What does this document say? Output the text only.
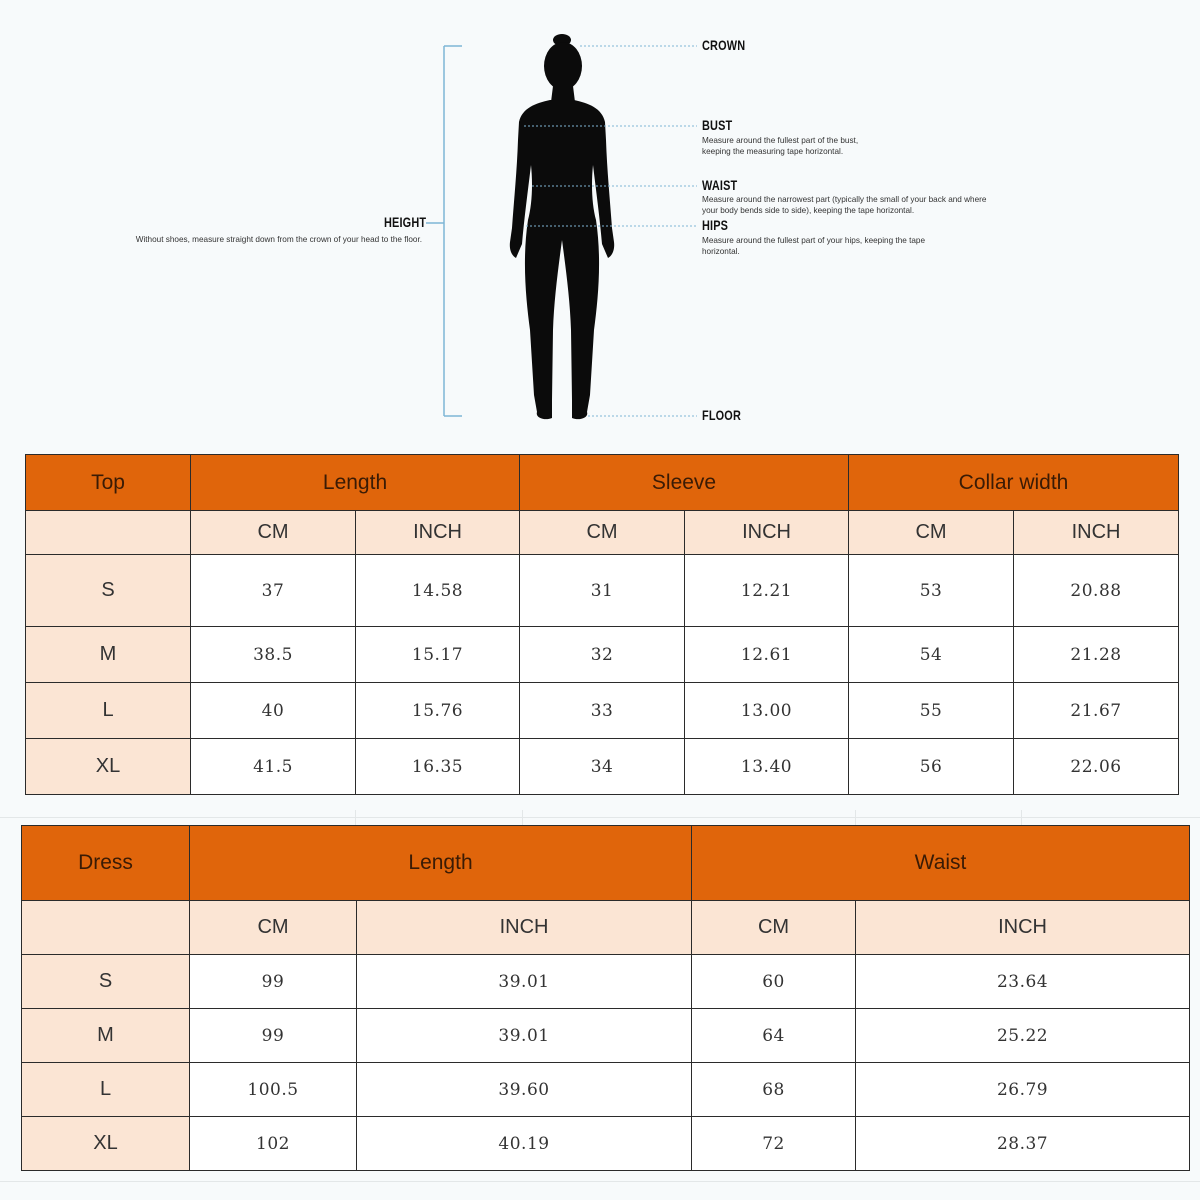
HEIGHT
Without shoes, measure straight down from the crown of your head to the floor.
CROWN
BUST
Measure around the fullest part of the bust, keeping the measuring tape horizontal.
WAIST
Measure around the narrowest part (typically the small of your back and where your body bends side to side), keeping the tape horizontal.
HIPS
Measure around the fullest part of your hips, keeping the tape horizontal.
FLOOR
Top	Length		Sleeve		Collar width	
	CM	INCH	CM	INCH	CM	INCH
S	37	14.58	31	12.21	53	20.88
M	38.5	15.17	32	12.61	54	21.28
L	40	15.76	33	13.00	55	21.67
XL	41.5	16.35	34	13.40	56	22.06
Dress	Length		Waist	
	CM	INCH	CM	INCH
S	99	39.01	60	23.64
M	99	39.01	64	25.22
L	100.5	39.60	68	26.79
XL	102	40.19	72	28.37
